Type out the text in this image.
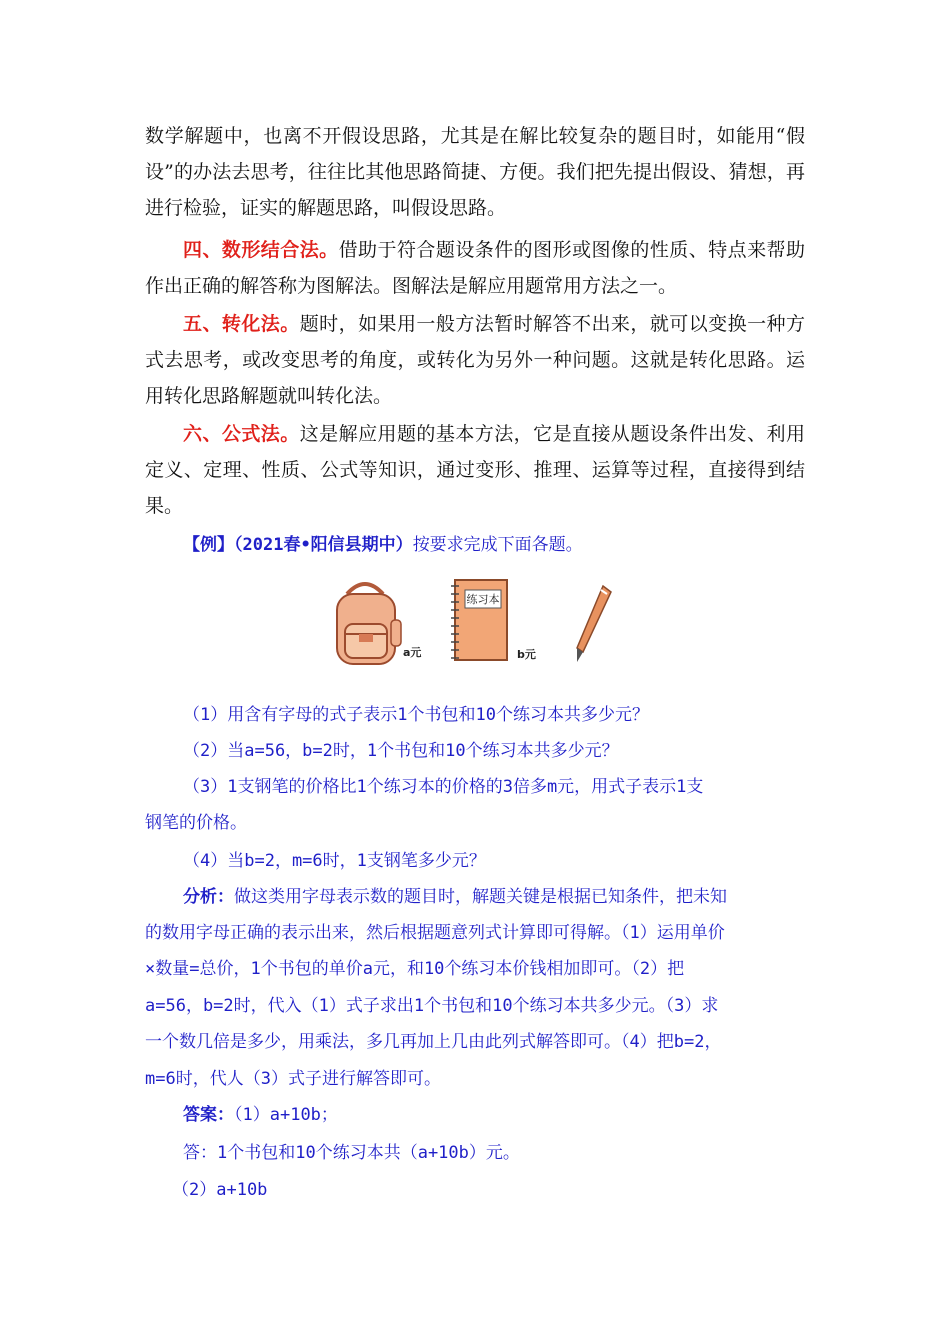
数学解题中，也离不开假设思路，尤其是在解比较复杂的题目时，如能用“假设”的办法去思考，往往比其他思路简捷、方便。我们把先提出假设、猜想，再进行检验，证实的解题思路，叫假设思路。

四、数形结合法。借助于符合题设条件的图形或图像的性质、特点来帮助作出正确的解答称为图解法。图解法是解应用题常用方法之一。

五、转化法。题时，如果用一般方法暂时解答不出来，就可以变换一种方式去思考，或改变思考的角度，或转化为另外一种问题。这就是转化思路。运用转化思路解题就叫转化法。

六、公式法。这是解应用题的基本方法，它是直接从题设条件出发、利用定义、定理、性质、公式等知识，通过变形、推理、运算等过程，直接得到结果。

【例】（2021春•阳信县期中）按要求完成下面各题。
练习本
a元	b元
（1）用含有字母的式子表示1个书包和10个练习本共多少元？
（2）当a=56，b=2时，1个书包和10个练习本共多少元？
（3）1支钢笔的价格比1个练习本的价格的3倍多m元，用式子表示1支
钢笔的价格。
（4）当b=2，m=6时，1支钢笔多少元？
分析：做这类用字母表示数的题目时，解题关键是根据已知条件，把未知
的数用字母正确的表示出来，然后根据题意列式计算即可得解。（1）运用单价
×数量=总价，1个书包的单价a元，和10个练习本价钱相加即可。（2）把
a=56，b=2时，代入（1）式子求出1个书包和10个练习本共多少元。（3）求
一个数几倍是多少，用乘法，多几再加上几由此列式解答即可。（4）把b=2，
m=6时，代人（3）式子进行解答即可。
答案：（1）a+10b；
答：1个书包和10个练习本共（a+10b）元。
（2）a+10b
